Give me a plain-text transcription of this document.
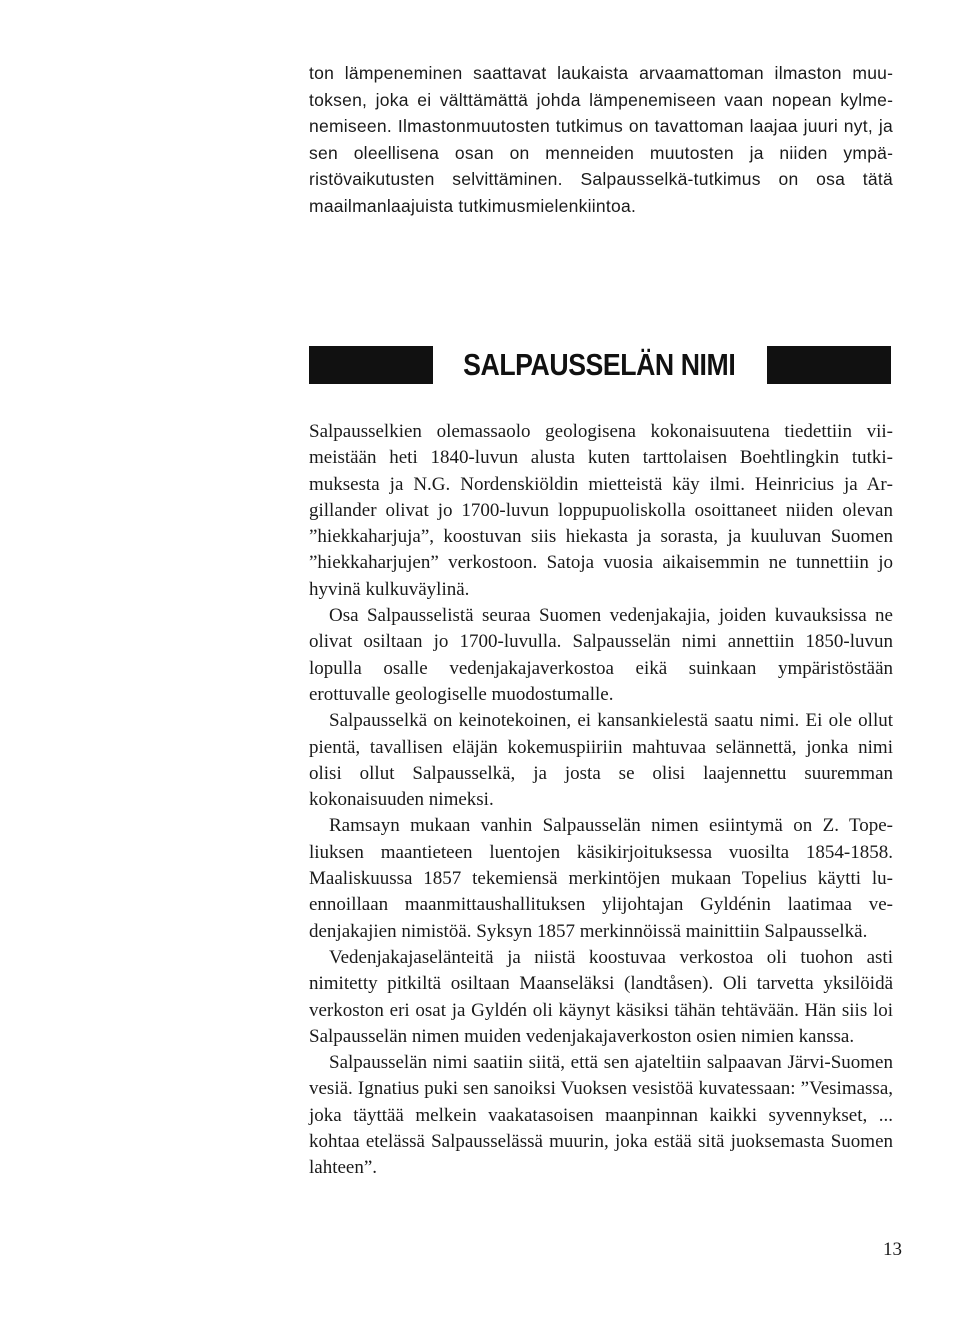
ton lämpeneminen saattavat laukaista arvaamattoman ilmaston muutoksen, joka ei välttämättä johda lämpenemiseen vaan nopean kylmenemiseen. Ilmastonmuutosten tutkimus on tavattoman laajaa juuri nyt, ja sen oleellisena osan on menneiden muutosten ja niiden ympäristövaikutusten selvittäminen. Salpausselkä-tutkimus on osa tätä maailmanlaajuista tutkimusmielenkiintoa.

SALPAUSSELÄN NIMI

Salpausselkien olemassaolo geologisena kokonaisuutena tiedettiin viimeistään heti 1840-luvun alusta kuten tarttolaisen Boehtlingkin tutkimuksesta ja N.G. Nordenskiöldin mietteistä käy ilmi. Heinricius ja Argillander olivat jo 1700-luvun loppupuoliskolla osoittaneet niiden olevan ”hiekkaharjuja”, koostuvan siis hiekasta ja sorasta, ja kuuluvan Suomen ”hiekkaharjujen” verkostoon. Satoja vuosia aikaisemmin ne tunnettiin jo hyvinä kulkuväylinä.

Osa Salpausselistä seuraa Suomen vedenjakajia, joiden kuvauksissa ne olivat osiltaan jo 1700-luvulla. Salpausselän nimi annettiin 1850-luvun lopulla osalle vedenjakajaverkostoa eikä suinkaan ympäristöstään erottuvalle geologiselle muodostumalle.

Salpausselkä on keinotekoinen, ei kansankielestä saatu nimi. Ei ole ollut pientä, tavallisen eläjän kokemuspiiriin mahtuvaa selännettä, jonka nimi olisi ollut Salpausselkä, ja josta se olisi laajennettu suuremman kokonaisuuden nimeksi.

Ramsayn mukaan vanhin Salpausselän nimen esiintymä on Z. Topeliuksen maantieteen luentojen käsikirjoituksessa vuosilta 1854-1858. Maaliskuussa 1857 tekemiensä merkintöjen mukaan Topelius käytti luennoillaan maanmittaushallituksen ylijohtajan Gyldénin laatimaa vedenjakajien nimistöä. Syksyn 1857 merkinnöissä mainittiin Salpausselkä.

Vedenjakajaselänteitä ja niistä koostuvaa verkostoa oli tuohon asti nimitetty pitkiltä osiltaan Maanseläksi (landtåsen). Oli tarvetta yksilöidä verkoston eri osat ja Gyldén oli käynyt käsiksi tähän tehtävään. Hän siis loi Salpausselän nimen muiden vedenjakajaverkoston osien nimien kanssa.

Salpausselän nimi saatiin siitä, että sen ajateltiin salpaavan Järvi-Suomen vesiä. Ignatius puki sen sanoiksi Vuoksen vesistöä kuvatessaan: ”Vesimassa, joka täyttää melkein vaakatasoisen maanpinnan kaikki syvennykset, ... kohtaa etelässä Salpausselässä muurin, joka estää sitä juoksemasta Suomen lahteen”.

13
